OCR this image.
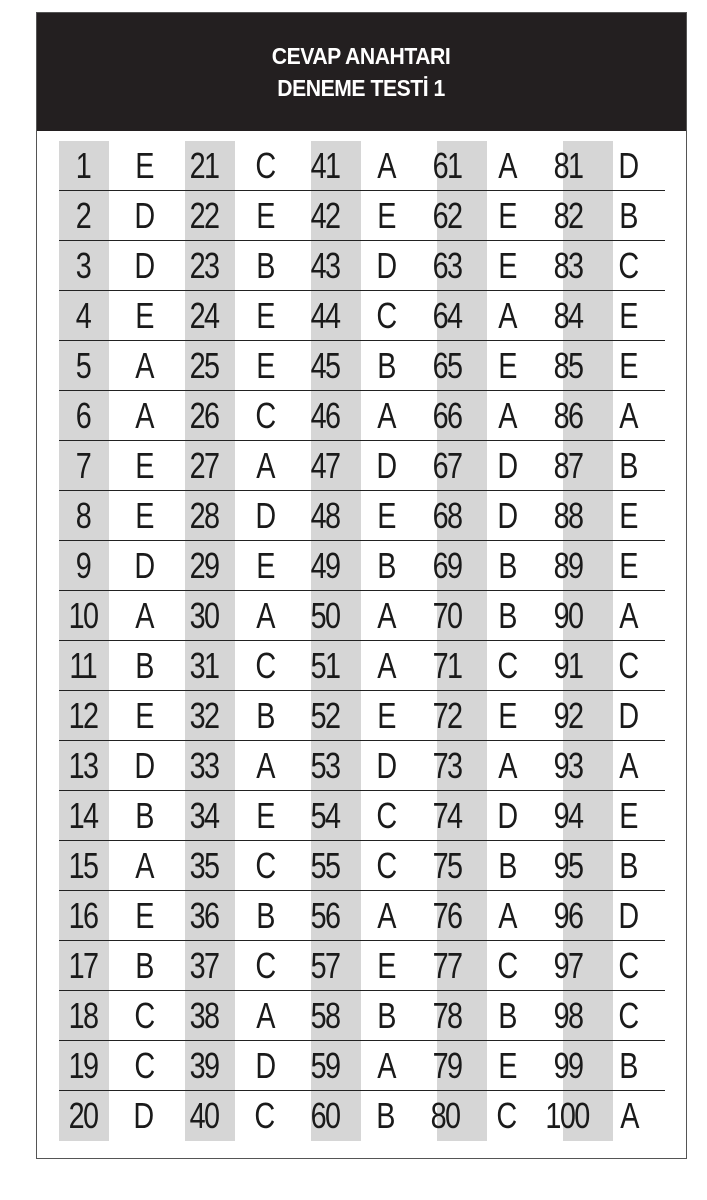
CEVAP ANAHTARI
DENEME TESTİ 1
1 E 21 C 41 A 61 A 81 D
2 D 22 E 42 E 62 E 82 B
3 D 23 B 43 D 63 E 83 C
4 E 24 E 44 C 64 A 84 E
5 A 25 E 45 B 65 E 85 E
6 A 26 C 46 A 66 A 86 A
7 E 27 A 47 D 67 D 87 B
8 E 28 D 48 E 68 D 88 E
9 D 29 E 49 B 69 B 89 E
10 A 30 A 50 A 70 B 90 A
11 B 31 C 51 A 71 C 91 C
12 E 32 B 52 E 72 E 92 D
13 D 33 A 53 D 73 A 93 A
14 B 34 E 54 C 74 D 94 E
15 A 35 C 55 C 75 B 95 B
16 E 36 B 56 A 76 A 96 D
17 B 37 C 57 E 77 C 97 C
18 C 38 A 58 B 78 B 98 C
19 C 39 D 59 A 79 E 99 B
20 D 40 C 60 B 80 C 100 A
